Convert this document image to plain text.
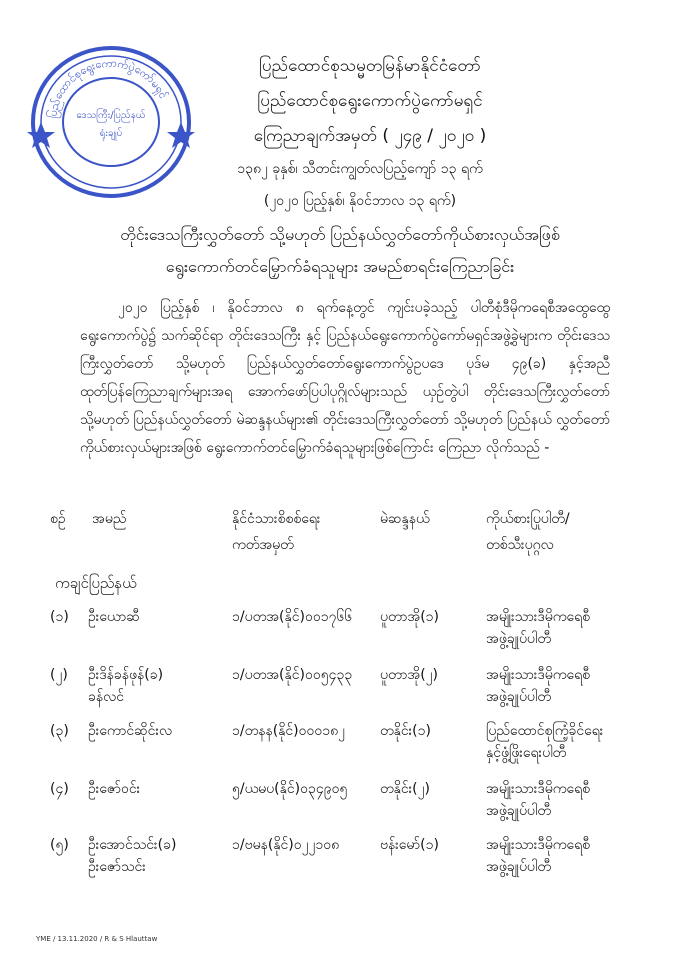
ပြည်ထောင်စုရွေးကောက်ပွဲကော်မရှင်
ဒေသကြီး/ပြည်နယ်
ရုံးချုပ်
ပြည်ထောင်စုသမ္မတမြန်မာနိုင်ငံတော်
ပြည်ထောင်စုရွေးကောက်ပွဲကော်မရှင်
ကြေညာချက်အမှတ် ( ၂၄၉ / ၂၀၂၀ )
၁၃၈၂ ခုနှစ်၊ သီတင်းကျွတ်လပြည့်ကျော် ၁၃ ရက်
(၂၀၂၀ ပြည့်နှစ်၊ နိုဝင်ဘာလ ၁၃ ရက်)
တိုင်းဒေသကြီးလွှတ်တော် သို့မဟုတ် ပြည်နယ်လွှတ်တော်ကိုယ်စားလှယ်အဖြစ်
ရွေးကောက်တင်မြှောက်ခံရသူများ အမည်စာရင်းကြေညာခြင်း
၂၀၂၀ ပြည့်နှစ် ၊ နိုဝင်ဘာလ ၈ ရက်နေ့တွင် ကျင်းပခဲ့သည့် ပါတီစုံဒီမိုကရေစီအထွေထွေ ရွေးကောက်ပွဲ၌ သက်ဆိုင်ရာ တိုင်းဒေသကြီး နှင့် ပြည်နယ်ရွေးကောက်ပွဲကော်မရှင်အဖွဲ့ခွဲများက တိုင်းဒေသကြီးလွှတ်တော် သို့မဟုတ် ပြည်နယ်လွှတ်တော်ရွေးကောက်ပွဲဥပဒေ ပုဒ်မ ၄၉(ခ) နှင့်အညီ ထုတ်ပြန်ကြေညာချက်များအရ အောက်ဖော်ပြပါပုဂ္ဂိုလ်များသည် ယှဉ်တွဲပါ တိုင်းဒေသကြီးလွှတ်တော် သို့မဟုတ် ပြည်နယ်လွှတ်တော် မဲဆန္ဒနယ်များ၏ တိုင်းဒေသကြီးလွှတ်တော် သို့မဟုတ် ပြည်နယ် လွှတ်တော်ကိုယ်စားလှယ်များအဖြစ် ရွေးကောက်တင်မြှောက်ခံရသူများဖြစ်ကြောင်း ကြေညာ လိုက်သည် -
စဉ် အမည်	နိုင်ငံသားစိစစ်ရေး
ကတ်အမှတ်
မဲဆန္ဒနယ်	ကိုယ်စားပြုပါတီ/
တစ်သီးပုဂ္ဂလ
ကချင်ပြည်နယ်
(၁) ဦးယောဆီ	၁/ပတအ(နိုင်)၀၀၁၇၆၆	ပူတာအို(၁)	အမျိုးသားဒီမိုကရေစီ
အဖွဲ့ချုပ်ပါတီ
(၂) ဦးဒိန်ခန်ဖုန်(ခ)
ခန်လင်
၁/ပတအ(နိုင်)၀၀၅၄၃၃	ပူတာအို(၂)	အမျိုးသားဒီမိုကရေစီ
အဖွဲ့ချုပ်ပါတီ
(၃) ဦးကောင်ဆိုင်းလ	၁/တနန(နိုင်)၀၀၀၁၈၂	တနိုင်း(၁)	ပြည်ထောင်စုကြံ့ခိုင်ရေး
နှင့်ဖွံ့ဖြိုးရေးပါတီ
(၄) ဦးဇော်ဝင်း	၅/ယမပ(နိုင်)၀၃၄၉၀၅	တနိုင်း(၂)	အမျိုးသားဒီမိုကရေစီ
အဖွဲ့ချုပ်ပါတီ
(၅) ဦးအောင်သင်း(ခ)
ဦးဇော်သင်း
၁/ဗမန(နိုင်)၀၂၂၁၀၈	ဗန်းမော်(၁)	အမျိုးသားဒီမိုကရေစီ
အဖွဲ့ချုပ်ပါတီ
YME / 13.11.2020 / R & S Hlauttaw
